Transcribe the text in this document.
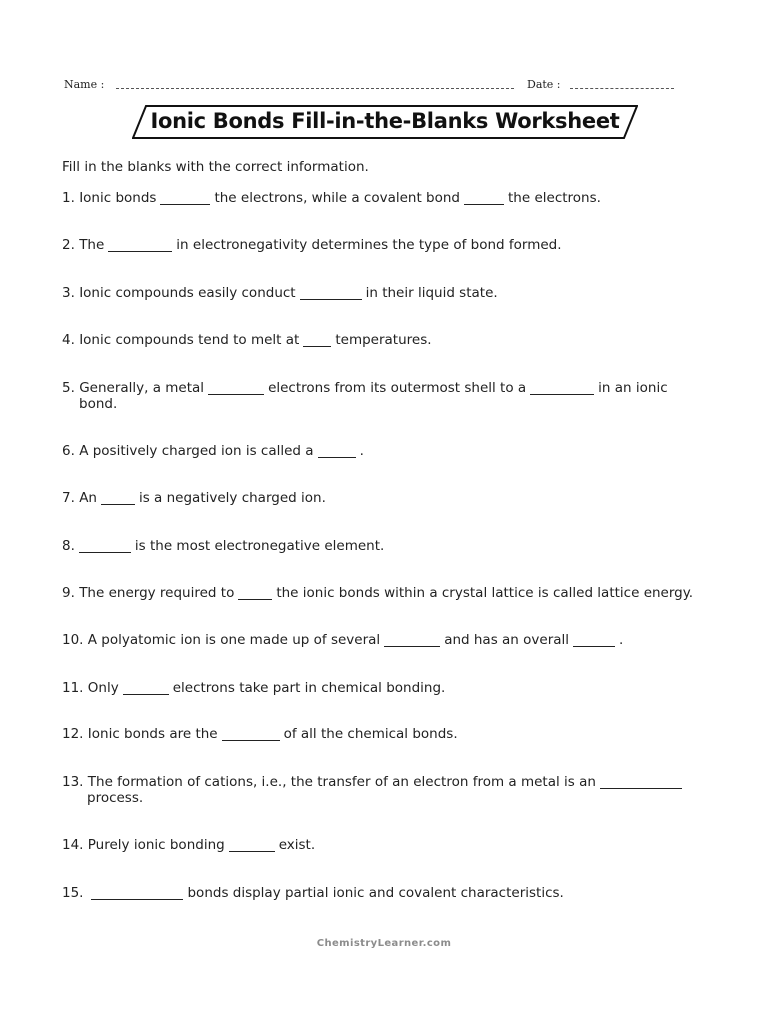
Name :	Date :
Ionic Bonds Fill-in-the-Blanks Worksheet
Fill in the blanks with the correct information.
1. Ionic bonds	the electrons, while a covalent bond	the electrons.
2. The	in electronegativity determines the type of bond formed.
3. Ionic compounds easily conduct	in their liquid state.
4. Ionic compounds tend to melt at	temperatures.
5. Generally, a metal	electrons from its outermost shell to a	in an ionic
bond.
6. A positively charged ion is called a	.
7. An	is a negatively charged ion.
8.	is the most electronegative element.
9. The energy required to	the ionic bonds within a crystal lattice is called lattice energy.
10. A polyatomic ion is one made up of several	and has an overall	.
11. Only	electrons take part in chemical bonding.
12. Ionic bonds are the	of all the chemical bonds.
13. The formation of cations, i.e., the transfer of an electron from a metal is an
process.
14. Purely ionic bonding	exist.
15.	bonds display partial ionic and covalent characteristics.
ChemistryLearner.com
